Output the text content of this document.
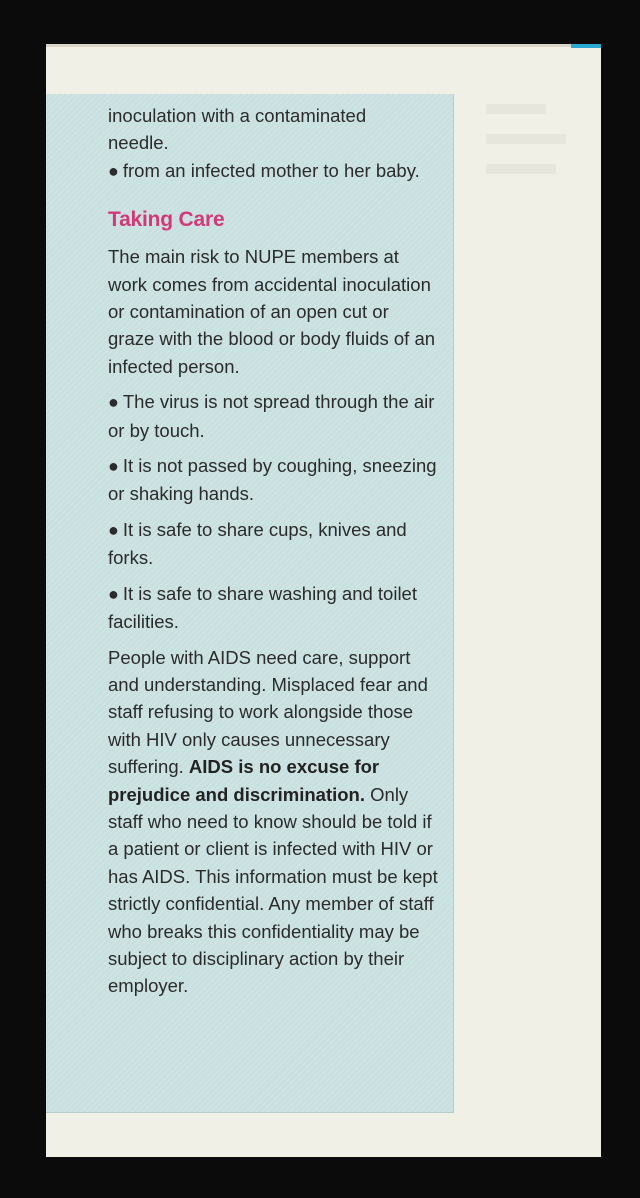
inoculation with a contaminated

needle.

● from an infected mother to her baby.

Taking Care

The main risk to NUPE members at work comes from accidental inoculation or contamination of an open cut or graze with the blood or body fluids of an infected person.

● The virus is not spread through the air or by touch.

● It is not passed by coughing, sneezing or shaking hands.

● It is safe to share cups, knives and forks.

● It is safe to share washing and toilet facilities.

People with AIDS need care, support and understanding. Misplaced fear and staff refusing to work alongside those with HIV only causes unnecessary suffering. AIDS is no excuse for prejudice and discrimination. Only staff who need to know should be told if a patient or client is infected with HIV or has AIDS. This information must be kept strictly confidential. Any member of staff who breaks this confidentiality may be subject to disciplinary action by their employer.
